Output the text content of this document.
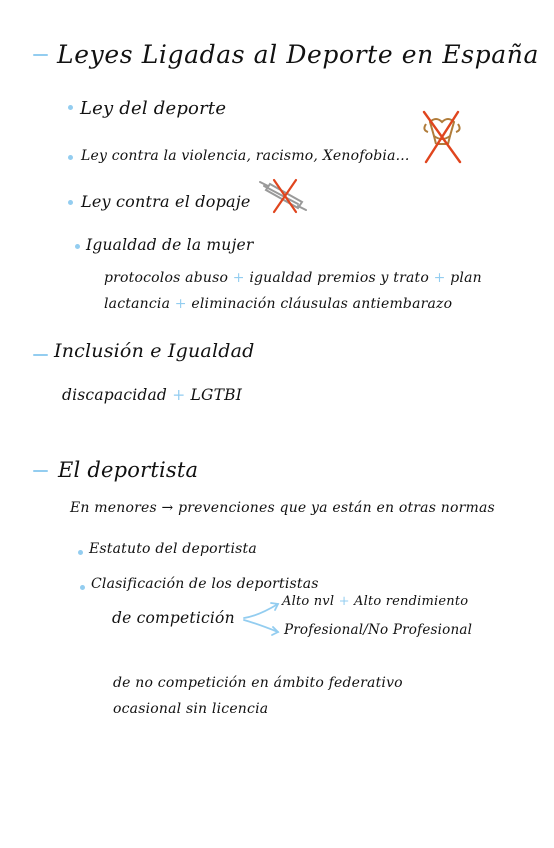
Leyes Ligadas al Deporte en España
Ley del deporte
Ley contra la violencia, racismo, Xenofobia...
Ley contra el dopaje
Igualdad de la mujer
protocolos abuso + igualdad premios y trato + plan
lactancia + eliminación cláusulas antiembarazo
Inclusión e Igualdad
discapacidad + LGTBI
El deportista
En menores → prevenciones que ya están en otras normas
Estatuto del deportista
Clasificación de los deportistas
de competición
Alto nvl + Alto rendimiento
Profesional/No Profesional
de no competición en ámbito federativo
ocasional sin licencia
